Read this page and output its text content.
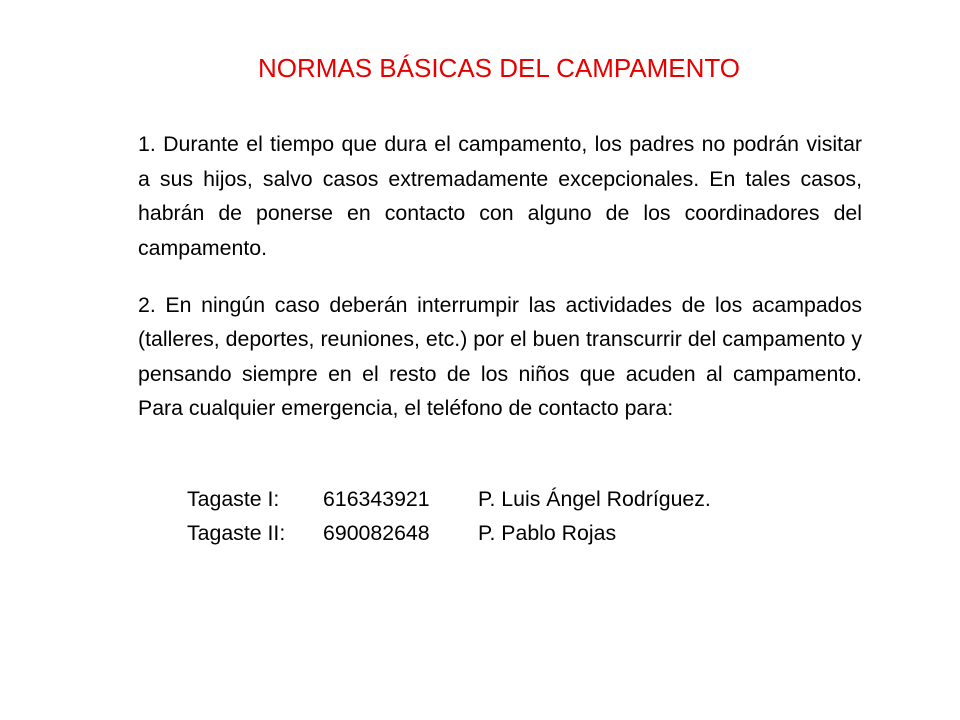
NORMAS BÁSICAS DEL CAMPAMENTO

1. Durante el tiempo que dura el campamento, los padres no podrán visitar a sus hijos, salvo casos extremadamente excepcionales. En tales casos, habrán de ponerse en contacto con alguno de los coordinadores del campamento.

2. En ningún caso deberán interrumpir las actividades de los acampados (talleres, deportes, reuniones, etc.) por el buen transcurrir del campamento y pensando siempre en el resto de los niños que acuden al campamento. Para cualquier emergencia, el teléfono de contacto para:

Tagaste I:	616343921	P. Luis Ángel Rodríguez.
Tagaste II:	690082648	P. Pablo Rojas
